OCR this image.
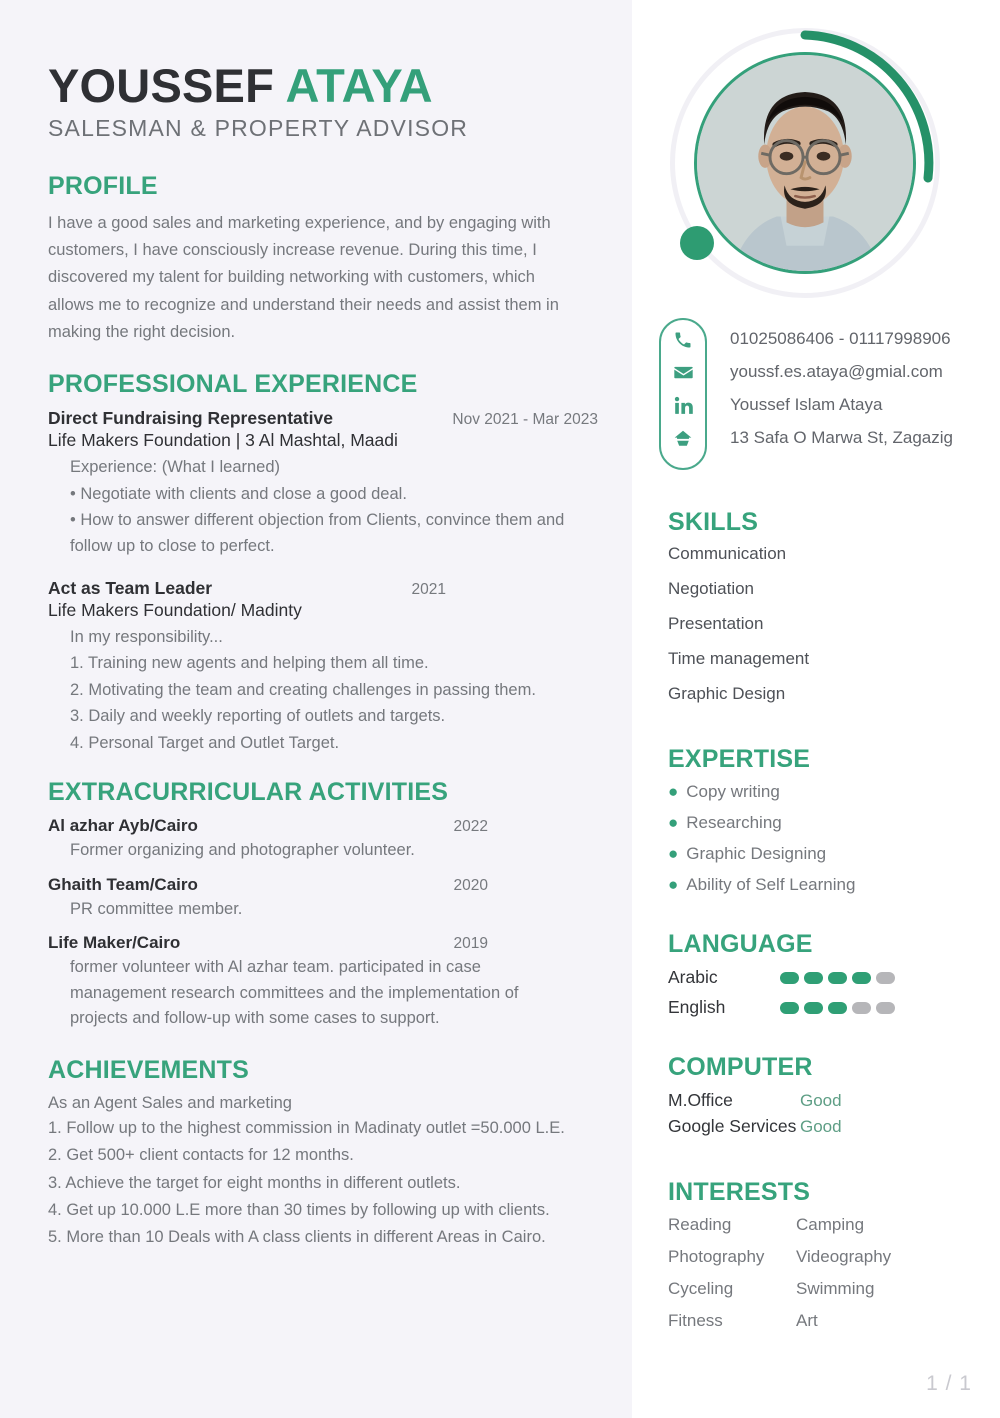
YOUSSEF ATAYA
SALESMAN & PROPERTY ADVISOR
PROFILE

I have a good sales and marketing experience, and by engaging with customers, I have consciously increase revenue. During this time, I discovered my talent for building networking with customers, which allows me to recognize and understand their needs and assist them in making the right decision.

PROFESSIONAL EXPERIENCE
Direct Fundraising Representative	Nov 2021 - Mar 2023
Life Makers Foundation | 3 Al Mashtal, Maadi
Experience: (What I learned)
• Negotiate with clients and close a good deal.
• How to answer different objection from Clients, convince them and follow up to close to perfect.
Act as Team Leader	2021
Life Makers Foundation/ Madinty
In my responsibility...
1. Training new agents and helping them all time.
2. Motivating the team and creating challenges in passing them.
3. Daily and weekly reporting of outlets and targets.
4. Personal Target and Outlet Target.
EXTRACURRICULAR ACTIVITIES
Al azhar Ayb/Cairo	2022
Former organizing and photographer volunteer.
Ghaith Team/Cairo	2020
PR committee member.
Life Maker/Cairo	2019
former volunteer with Al azhar team. participated in case management research committees and the implementation of projects and follow-up with some cases to support.
ACHIEVEMENTS
As an Agent Sales and marketing
1. Follow up to the highest commission in Madinaty outlet =50.000 L.E.
2. Get 500+ client contacts for 12 months.
3. Achieve the target for eight months in different outlets.
4. Get up 10.000 L.E more than 30 times by following up with clients.
5. More than 10 Deals with A class clients in different Areas in Cairo.
01025086406 - 01117998906
youssf.es.ataya@gmial.com
Youssef Islam Ataya
13 Safa O Marwa St, Zagazig
SKILLS
Communication
Negotiation
Presentation
Time management
Graphic Design
EXPERTISE
● Copy writing
● Researching
● Graphic Designing
● Ability of Self Learning
LANGUAGE
Arabic
English
COMPUTER
M.Office	Good
Google Services Good
INTERESTS
Reading	Camping
Photography	Videography
Cyceling	Swimming
Fitness	Art
1 / 1
